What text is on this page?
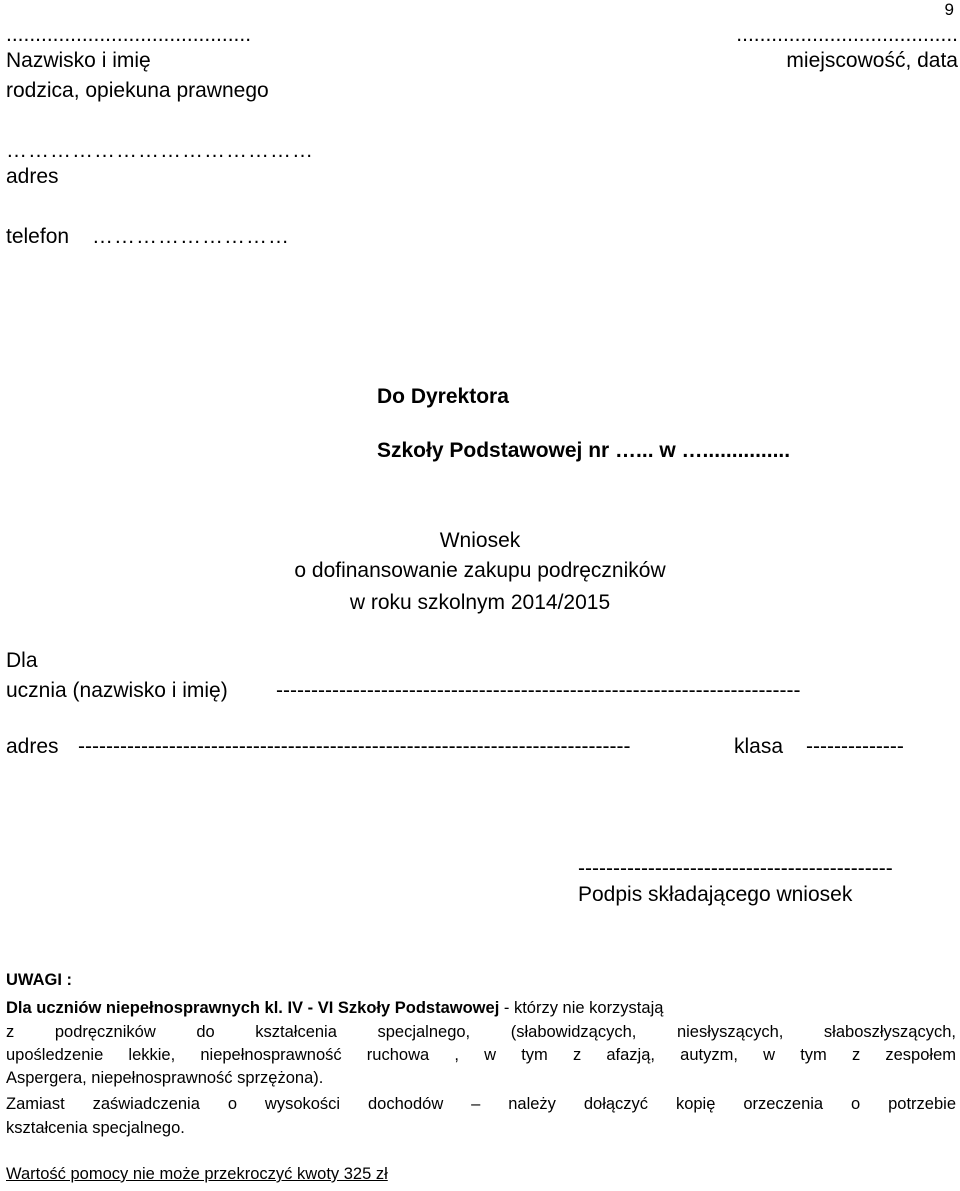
9
..........................................
Nazwisko i imię
rodzica, opiekuna prawnego
......................................
miejscowość, data
……………………………………
adres
telefon ………………………
Do Dyrektora
Szkoły Podstawowej nr …... w …...............
Wniosek
o dofinansowanie zakupu podręczników
w roku szkolnym 2014/2015
Dla
ucznia (nazwisko i imię) ---------------------------------------------------------------------------
adres -------------------------------------------------------------------------------	klasa --------------
---------------------------------------------
Podpis składającego wniosek
UWAGI :
Dla uczniów niepełnosprawnych kl. IV - VI Szkoły Podstawowej - którzy nie korzystają
z podręczników do kształcenia specjalnego, (słabowidzących, niesłyszących, słaboszłyszących,
upośledzenie lekkie, niepełnosprawność ruchowa , w tym z afazją, autyzm, w tym z zespołem
Aspergera, niepełnosprawność sprzężona).
Zamiast zaświadczenia o wysokości dochodów – należy dołączyć kopię orzeczenia o potrzebie
kształcenia specjalnego.
Wartość pomocy nie może przekroczyć kwoty 325 zł
